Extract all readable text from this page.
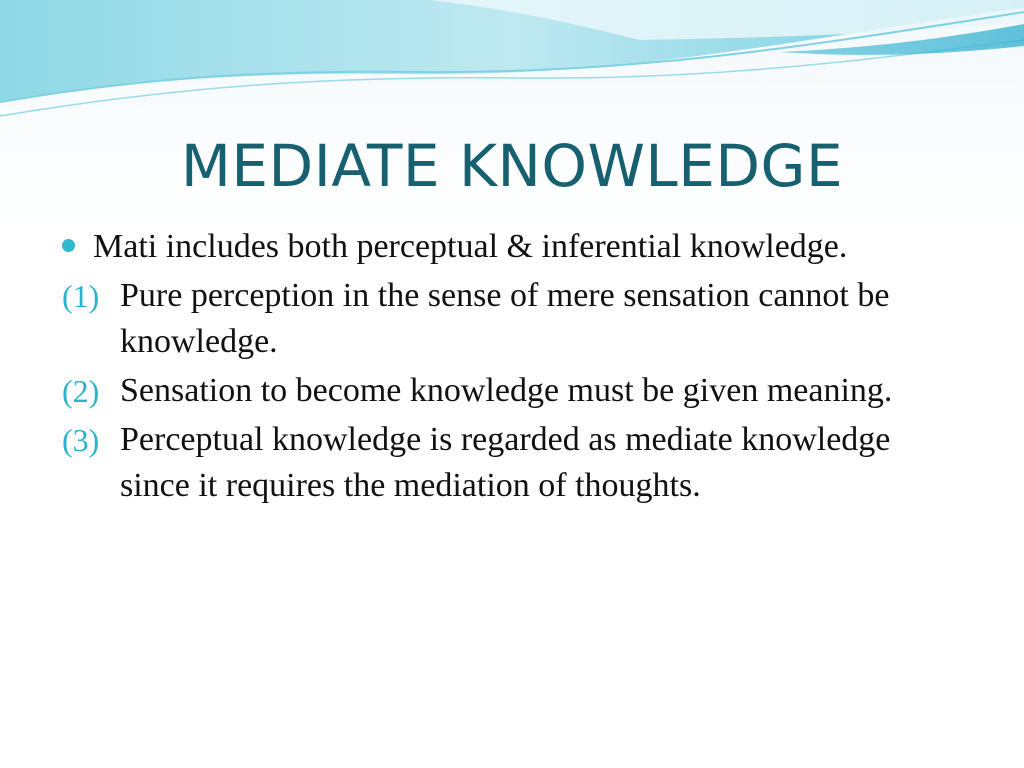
MEDIATE KNOWLEDGE
Mati includes both perceptual & inferential knowledge.
(1) Pure perception in the sense of mere sensation cannot be knowledge.
(2) Sensation to become knowledge must be given meaning.
(3) Perceptual knowledge is regarded as mediate knowledge since it requires the mediation of thoughts.
